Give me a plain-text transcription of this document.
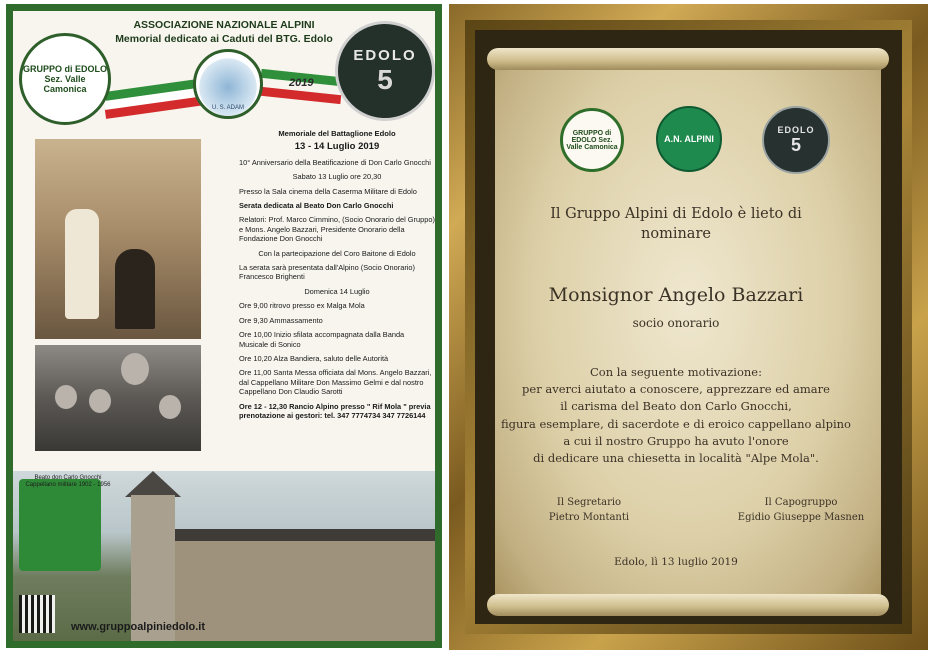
ASSOCIAZIONE NAZIONALE ALPINI
Memorial dedicato ai Caduti del BTG. Edolo
GRUPPO di EDOLO Sez. Valle Camonica
U. S. ADAM
2019
EDOLO
5
Memoriale del Battaglione Edolo
13 - 14 Luglio 2019
10° Anniversario della Beatificazione di Don Carlo Gnocchi
Sabato 13 Luglio ore 20,30
Presso la Sala cinema della Caserma Militare di Edolo
Serata dedicata al Beato Don Carlo Gnocchi
Relatori: Prof. Marco Cimmino, (Socio Onorario del Gruppo) e Mons. Angelo Bazzari, Presidente Onorario della Fondazione Don Gnocchi
Con la partecipazione del Coro Baitone di Edolo
La serata sarà presentata dall'Alpino (Socio Onorario) Francesco Brighenti
Domenica 14 Luglio
Ore 9,00 ritrovo presso ex Malga Mola
Ore 9,30 Ammassamento
Ore 10,00 Inizio sfilata accompagnata dalla Banda Musicale di Sonico
Ore 10,20 Alza Bandiera, saluto delle Autorità
Ore 11,00 Santa Messa officiata dal Mons. Angelo Bazzari, dal Cappellano Militare Don Massimo Gelmi e dal nostro Cappellano Don Claudio Sarotti
Ore 12 - 12,30 Rancio Alpino presso " Rif Mola " previa prenotazione ai gestori: tel. 347 7774734 347 7726144
Beato don Carlo Gnocchi Cappellano militare 1902 - 1956
www.gruppoalpiniedolo.it
GRUPPO di EDOLO Sez. Valle Camonica
A.N. ALPINI
EDOLO
5
Il Gruppo Alpini di Edolo è lieto di
nominare
Monsignor Angelo Bazzari
socio onorario
Con la seguente motivazione:
per averci aiutato a conoscere, apprezzare ed amare
il carisma del Beato don Carlo Gnocchi,
figura esemplare, di sacerdote e di eroico cappellano alpino
a cui il nostro Gruppo ha avuto l'onore
di dedicare una chiesetta in località "Alpe Mola".
Il Segretario
Pietro Montanti
Il Capogruppo
Egidio Giuseppe Masnen
Edolo, lì 13 luglio 2019
